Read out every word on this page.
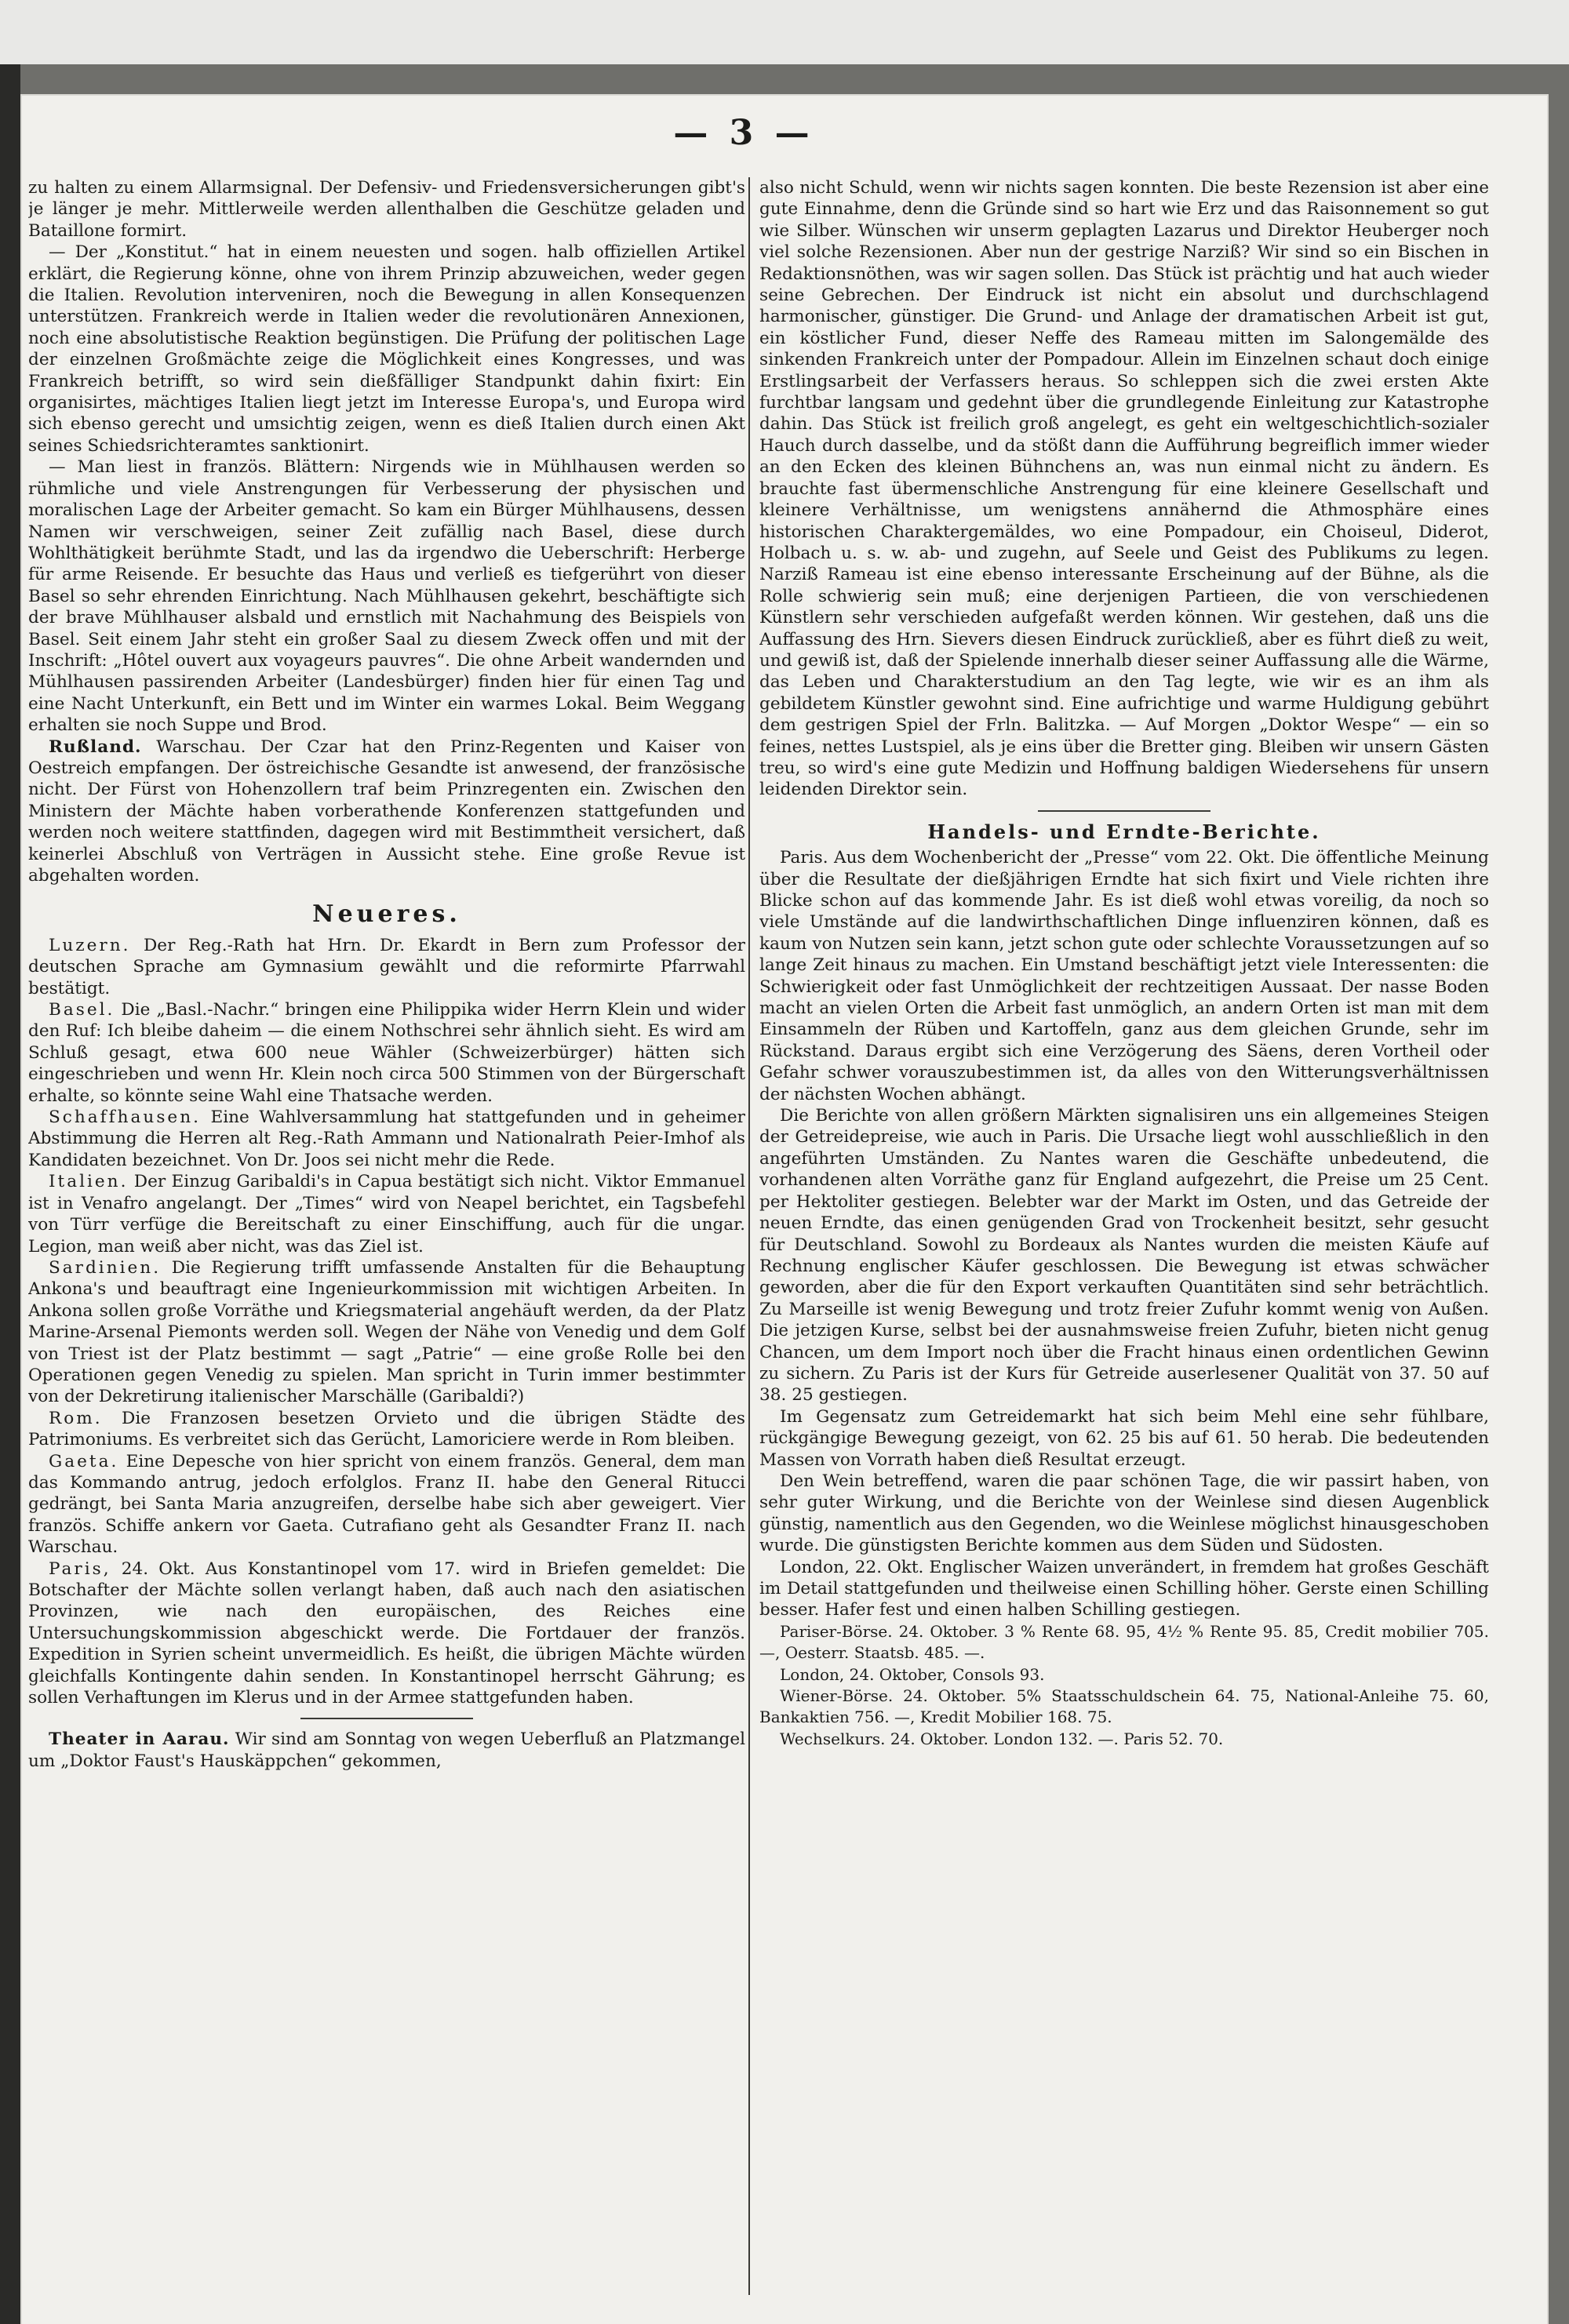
— 3 —

zu halten zu einem Allarmsignal. Der Defensiv- und Friedensversicherungen gibt's je länger je mehr. Mittlerweile werden allenthalben die Geschütze geladen und Bataillone formirt.

— Der „Konstitut.“ hat in einem neuesten und sogen. halb offiziellen Artikel erklärt, die Regierung könne, ohne von ihrem Prinzip abzuweichen, weder gegen die Italien. Revolution interveniren, noch die Bewegung in allen Konsequenzen unterstützen. Frankreich werde in Italien weder die revolutionären Annexionen, noch eine absolutistische Reaktion begünstigen. Die Prüfung der politischen Lage der einzelnen Großmächte zeige die Möglichkeit eines Kongresses, und was Frankreich betrifft, so wird sein dießfälliger Standpunkt dahin fixirt: Ein organisirtes, mächtiges Italien liegt jetzt im Interesse Europa's, und Europa wird sich ebenso gerecht und umsichtig zeigen, wenn es dieß Italien durch einen Akt seines Schiedsrichteramtes sanktionirt.

— Man liest in französ. Blättern: Nirgends wie in Mühlhausen werden so rühmliche und viele Anstrengungen für Verbesserung der physischen und moralischen Lage der Arbeiter gemacht. So kam ein Bürger Mühlhausens, dessen Namen wir verschweigen, seiner Zeit zufällig nach Basel, diese durch Wohlthätigkeit berühmte Stadt, und las da irgendwo die Ueberschrift: Herberge für arme Reisende. Er besuchte das Haus und verließ es tiefgerührt von dieser Basel so sehr ehrenden Einrichtung. Nach Mühlhausen gekehrt, beschäftigte sich der brave Mühlhauser alsbald und ernstlich mit Nachahmung des Beispiels von Basel. Seit einem Jahr steht ein großer Saal zu diesem Zweck offen und mit der Inschrift: „Hôtel ouvert aux voyageurs pauvres“. Die ohne Arbeit wandernden und Mühlhausen passirenden Arbeiter (Landesbürger) finden hier für einen Tag und eine Nacht Unterkunft, ein Bett und im Winter ein warmes Lokal. Beim Weggang erhalten sie noch Suppe und Brod.

Rußland. Warschau. Der Czar hat den Prinz-Regenten und Kaiser von Oestreich empfangen. Der östreichische Gesandte ist anwesend, der französische nicht. Der Fürst von Hohenzollern traf beim Prinzregenten ein. Zwischen den Ministern der Mächte haben vorberathende Konferenzen stattgefunden und werden noch weitere stattfinden, dagegen wird mit Bestimmtheit versichert, daß keinerlei Abschluß von Verträgen in Aussicht stehe. Eine große Revue ist abgehalten worden.

Neueres.

Luzern. Der Reg.-Rath hat Hrn. Dr. Ekardt in Bern zum Professor der deutschen Sprache am Gymnasium gewählt und die reformirte Pfarrwahl bestätigt.

Basel. Die „Basl.-Nachr.“ bringen eine Philippika wider Herrn Klein und wider den Ruf: Ich bleibe daheim — die einem Nothschrei sehr ähnlich sieht. Es wird am Schluß gesagt, etwa 600 neue Wähler (Schweizerbürger) hätten sich eingeschrieben und wenn Hr. Klein noch circa 500 Stimmen von der Bürgerschaft erhalte, so könnte seine Wahl eine Thatsache werden.

Schaffhausen. Eine Wahlversammlung hat stattgefunden und in geheimer Abstimmung die Herren alt Reg.-Rath Ammann und Nationalrath Peier-Imhof als Kandidaten bezeichnet. Von Dr. Joos sei nicht mehr die Rede.

Italien. Der Einzug Garibaldi's in Capua bestätigt sich nicht. Viktor Emmanuel ist in Venafro angelangt. Der „Times“ wird von Neapel berichtet, ein Tagsbefehl von Türr verfüge die Bereitschaft zu einer Einschiffung, auch für die ungar. Legion, man weiß aber nicht, was das Ziel ist.

Sardinien. Die Regierung trifft umfassende Anstalten für die Behauptung Ankona's und beauftragt eine Ingenieurkommission mit wichtigen Arbeiten. In Ankona sollen große Vorräthe und Kriegsmaterial angehäuft werden, da der Platz Marine-Arsenal Piemonts werden soll. Wegen der Nähe von Venedig und dem Golf von Triest ist der Platz bestimmt — sagt „Patrie“ — eine große Rolle bei den Operationen gegen Venedig zu spielen. Man spricht in Turin immer bestimmter von der Dekretirung italienischer Marschälle (Garibaldi?)

Rom. Die Franzosen besetzen Orvieto und die übrigen Städte des Patrimoniums. Es verbreitet sich das Gerücht, Lamoriciere werde in Rom bleiben.

Gaeta. Eine Depesche von hier spricht von einem französ. General, dem man das Kommando antrug, jedoch erfolglos. Franz II. habe den General Ritucci gedrängt, bei Santa Maria anzugreifen, derselbe habe sich aber geweigert. Vier französ. Schiffe ankern vor Gaeta. Cutrafiano geht als Gesandter Franz II. nach Warschau.

Paris, 24. Okt. Aus Konstantinopel vom 17. wird in Briefen gemeldet: Die Botschafter der Mächte sollen verlangt haben, daß auch nach den asiatischen Provinzen, wie nach den europäischen, des Reiches eine Untersuchungskommission abgeschickt werde. Die Fortdauer der französ. Expedition in Syrien scheint unvermeidlich. Es heißt, die übrigen Mächte würden gleichfalls Kontingente dahin senden. In Konstantinopel herrscht Gährung; es sollen Verhaftungen im Klerus und in der Armee stattgefunden haben.

Theater in Aarau. Wir sind am Sonntag von wegen Ueberfluß an Platzmangel um „Doktor Faust's Hauskäppchen“ gekommen,

also nicht Schuld, wenn wir nichts sagen konnten. Die beste Rezension ist aber eine gute Einnahme, denn die Gründe sind so hart wie Erz und das Raisonnement so gut wie Silber. Wünschen wir unserm geplagten Lazarus und Direktor Heuberger noch viel solche Rezensionen. Aber nun der gestrige Narziß? Wir sind so ein Bischen in Redaktionsnöthen, was wir sagen sollen. Das Stück ist prächtig und hat auch wieder seine Gebrechen. Der Eindruck ist nicht ein absolut und durchschlagend harmonischer, günstiger. Die Grund- und Anlage der dramatischen Arbeit ist gut, ein köstlicher Fund, dieser Neffe des Rameau mitten im Salongemälde des sinkenden Frankreich unter der Pompadour. Allein im Einzelnen schaut doch einige Erstlingsarbeit der Verfassers heraus. So schleppen sich die zwei ersten Akte furchtbar langsam und gedehnt über die grundlegende Einleitung zur Katastrophe dahin. Das Stück ist freilich groß angelegt, es geht ein weltgeschichtlich-sozialer Hauch durch dasselbe, und da stößt dann die Aufführung begreiflich immer wieder an den Ecken des kleinen Bühnchens an, was nun einmal nicht zu ändern. Es brauchte fast übermenschliche Anstrengung für eine kleinere Gesellschaft und kleinere Verhältnisse, um wenigstens annähernd die Athmosphäre eines historischen Charaktergemäldes, wo eine Pompadour, ein Choiseul, Diderot, Holbach u. s. w. ab- und zugehn, auf Seele und Geist des Publikums zu legen. Narziß Rameau ist eine ebenso interessante Erscheinung auf der Bühne, als die Rolle schwierig sein muß; eine derjenigen Partieen, die von verschiedenen Künstlern sehr verschieden aufgefaßt werden können. Wir gestehen, daß uns die Auffassung des Hrn. Sievers diesen Eindruck zurückließ, aber es führt dieß zu weit, und gewiß ist, daß der Spielende innerhalb dieser seiner Auffassung alle die Wärme, das Leben und Charakterstudium an den Tag legte, wie wir es an ihm als gebildetem Künstler gewohnt sind. Eine aufrichtige und warme Huldigung gebührt dem gestrigen Spiel der Frln. Balitzka. — Auf Morgen „Doktor Wespe“ — ein so feines, nettes Lustspiel, als je eins über die Bretter ging. Bleiben wir unsern Gästen treu, so wird's eine gute Medizin und Hoffnung baldigen Wiedersehens für unsern leidenden Direktor sein.

Handels- und Erndte-Berichte.

Paris. Aus dem Wochenbericht der „Presse“ vom 22. Okt. Die öffentliche Meinung über die Resultate der dießjährigen Erndte hat sich fixirt und Viele richten ihre Blicke schon auf das kommende Jahr. Es ist dieß wohl etwas voreilig, da noch so viele Umstände auf die landwirthschaftlichen Dinge influenziren können, daß es kaum von Nutzen sein kann, jetzt schon gute oder schlechte Voraussetzungen auf so lange Zeit hinaus zu machen. Ein Umstand beschäftigt jetzt viele Interessenten: die Schwierigkeit oder fast Unmöglichkeit der rechtzeitigen Aussaat. Der nasse Boden macht an vielen Orten die Arbeit fast unmöglich, an andern Orten ist man mit dem Einsammeln der Rüben und Kartoffeln, ganz aus dem gleichen Grunde, sehr im Rückstand. Daraus ergibt sich eine Verzögerung des Säens, deren Vortheil oder Gefahr schwer vorauszubestimmen ist, da alles von den Witterungsverhältnissen der nächsten Wochen abhängt.

Die Berichte von allen größern Märkten signalisiren uns ein allgemeines Steigen der Getreidepreise, wie auch in Paris. Die Ursache liegt wohl ausschließlich in den angeführten Umständen. Zu Nantes waren die Geschäfte unbedeutend, die vorhandenen alten Vorräthe ganz für England aufgezehrt, die Preise um 25 Cent. per Hektoliter gestiegen. Belebter war der Markt im Osten, und das Getreide der neuen Erndte, das einen genügenden Grad von Trockenheit besitzt, sehr gesucht für Deutschland. Sowohl zu Bordeaux als Nantes wurden die meisten Käufe auf Rechnung englischer Käufer geschlossen. Die Bewegung ist etwas schwächer geworden, aber die für den Export verkauften Quantitäten sind sehr beträchtlich. Zu Marseille ist wenig Bewegung und trotz freier Zufuhr kommt wenig von Außen. Die jetzigen Kurse, selbst bei der ausnahmsweise freien Zufuhr, bieten nicht genug Chancen, um dem Import noch über die Fracht hinaus einen ordentlichen Gewinn zu sichern. Zu Paris ist der Kurs für Getreide auserlesener Qualität von 37. 50 auf 38. 25 gestiegen.

Im Gegensatz zum Getreidemarkt hat sich beim Mehl eine sehr fühlbare, rückgängige Bewegung gezeigt, von 62. 25 bis auf 61. 50 herab. Die bedeutenden Massen von Vorrath haben dieß Resultat erzeugt.

Den Wein betreffend, waren die paar schönen Tage, die wir passirt haben, von sehr guter Wirkung, und die Berichte von der Weinlese sind diesen Augenblick günstig, namentlich aus den Gegenden, wo die Weinlese möglichst hinausgeschoben wurde. Die günstigsten Berichte kommen aus dem Süden und Südosten.

London, 22. Okt. Englischer Waizen unverändert, in fremdem hat großes Geschäft im Detail stattgefunden und theilweise einen Schilling höher. Gerste einen Schilling besser. Hafer fest und einen halben Schilling gestiegen.

Pariser-Börse. 24. Oktober. 3 % Rente 68. 95, 4½ % Rente 95. 85, Credit mobilier 705. —, Oesterr. Staatsb. 485. —.

London, 24. Oktober, Consols 93.

Wiener-Börse. 24. Oktober. 5% Staatsschuldschein 64. 75, National-Anleihe 75. 60, Bankaktien 756. —, Kredit Mobilier 168. 75.

Wechselkurs. 24. Oktober. London 132. —. Paris 52. 70.
